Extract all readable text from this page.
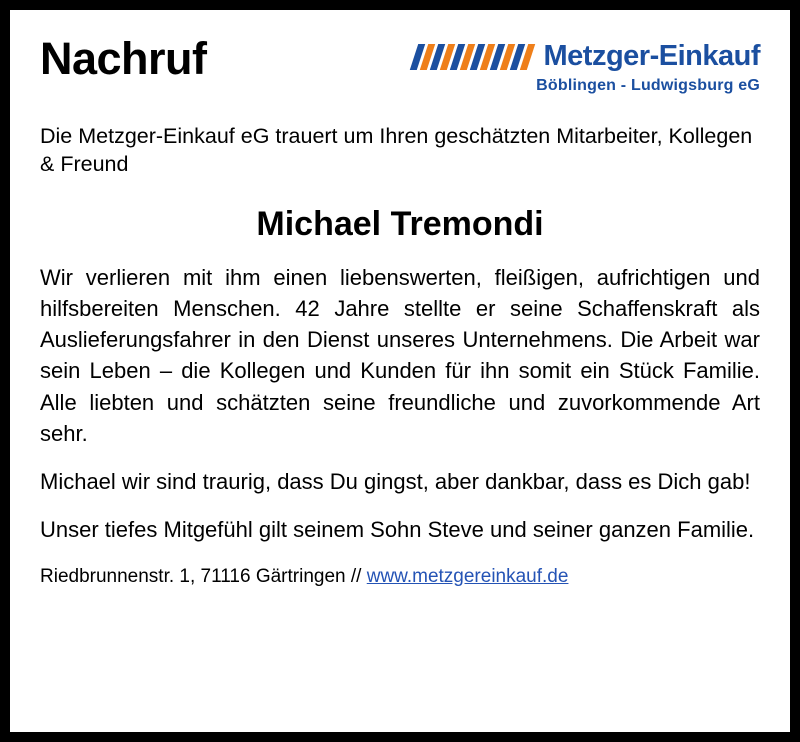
Nachruf	Metzger-Einkauf
Böblingen - Ludwigsburg eG
Die Metzger-Einkauf eG trauert um Ihren geschätzten Mitarbeiter, Kollegen & Freund
Michael Tremondi
Wir verlieren mit ihm einen liebenswerten, fleißigen, aufrichtigen und hilfsbereiten Menschen. 42 Jahre stellte er seine Schaffenskraft als Auslieferungsfahrer in den Dienst unseres Unternehmens. Die Arbeit war sein Leben – die Kollegen und Kunden für ihn somit ein Stück Familie. Alle liebten und schätzten seine freundliche und zuvorkommende Art sehr.
Michael wir sind traurig, dass Du gingst, aber dankbar, dass es Dich gab!
Unser tiefes Mitgefühl gilt seinem Sohn Steve und seiner ganzen Familie.
Riedbrunnenstr. 1, 71116 Gärtringen // www.metzgereinkauf.de
